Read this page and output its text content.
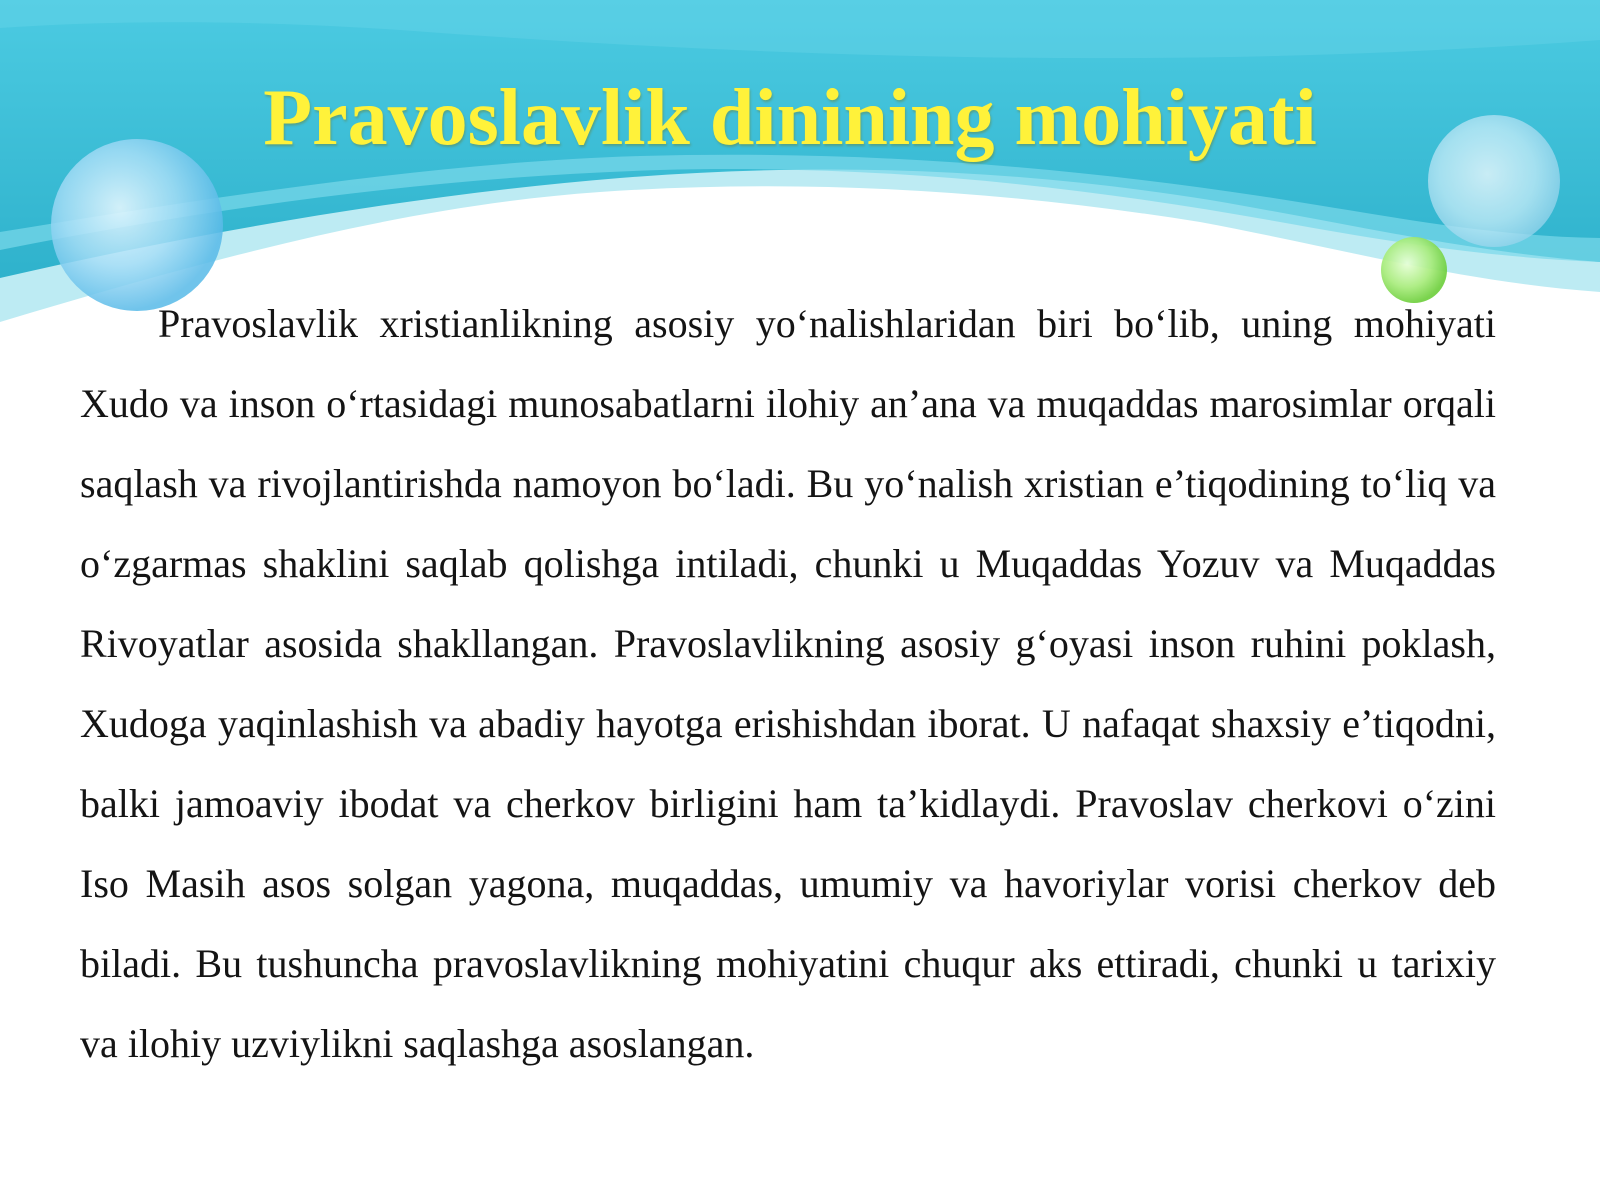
Pravoslavlik dinining mohiyati

Pravoslavlik xristianlikning asosiy yo‘nalishlaridan biri bo‘lib, uning mohiyati Xudo va inson o‘rtasidagi munosabatlarni ilohiy an’ana va muqaddas marosimlar orqali saqlash va rivojlantirishda namoyon bo‘ladi. Bu yo‘nalish xristian e’tiqodining to‘liq va o‘zgarmas shaklini saqlab qolishga intiladi, chunki u Muqaddas Yozuv va Muqaddas Rivoyatlar asosida shakllangan. Pravoslavlikning asosiy g‘oyasi inson ruhini poklash, Xudoga yaqinlashish va abadiy hayotga erishishdan iborat. U nafaqat shaxsiy e’tiqodni, balki jamoaviy ibodat va cherkov birligini ham ta’kidlaydi. Pravoslav cherkovi o‘zini Iso Masih asos solgan yagona, muqaddas, umumiy va havoriylar vorisi cherkov deb biladi. Bu tushuncha pravoslavlikning mohiyatini chuqur aks ettiradi, chunki u tarixiy va ilohiy uzviylikni saqlashga asoslangan.
